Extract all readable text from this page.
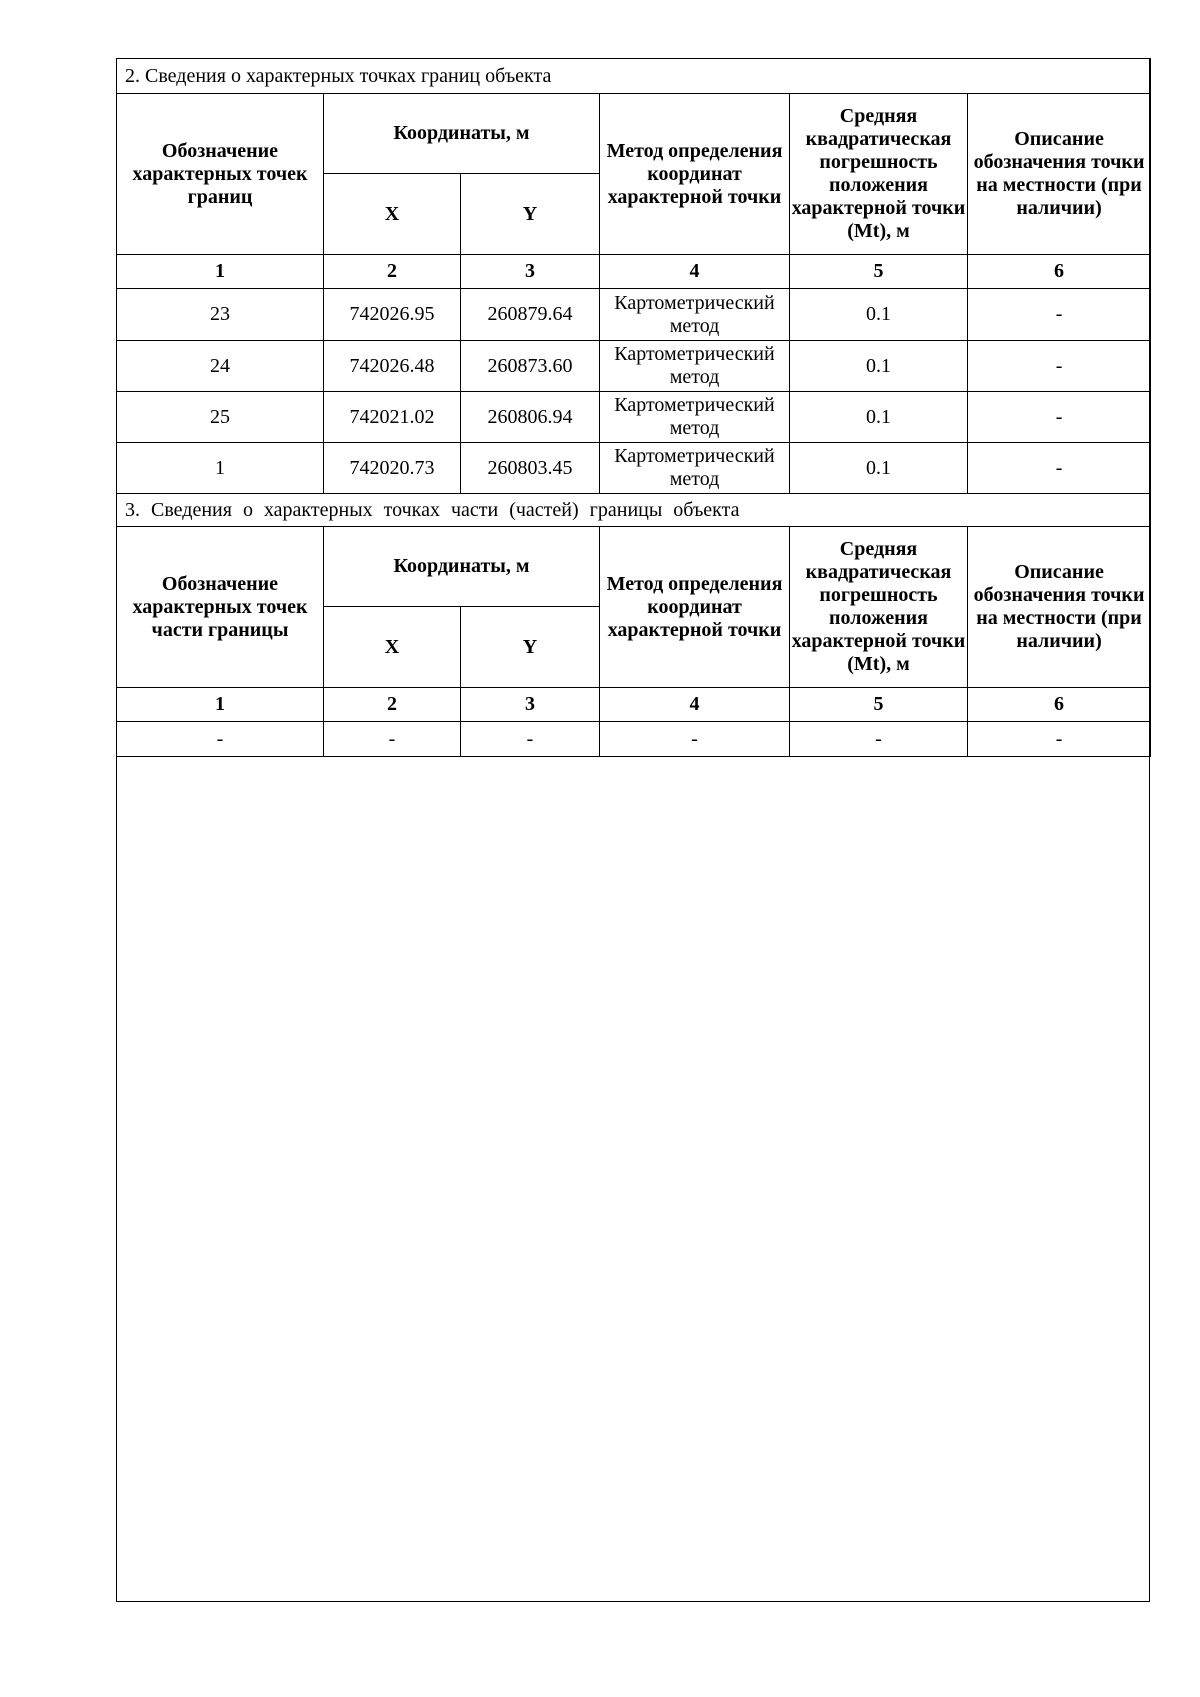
2. Сведения о характерных точках границ объекта					
Обозначение характерных точек границ	Координаты, м		Метод определения координат характерной точки	Средняя квадратическая погрешность положения характерной точки (Mt), м	Описание обозначения точки на местности (при наличии)
	X	Y			
1	2	3	4	5	6
23	742026.95	260879.64	Картометрический метод	0.1	-
24	742026.48	260873.60	Картометрический метод	0.1	-
25	742021.02	260806.94	Картометрический метод	0.1	-
1	742020.73	260803.45	Картометрический метод	0.1	-
3. Сведения о характерных точках части (частей) границы объекта					
Обозначение характерных точек части границы	Координаты, м		Метод определения координат характерной точки	Средняя квадратическая погрешность положения характерной точки (Mt), м	Описание обозначения точки на местности (при наличии)
	X	Y			
1	2	3	4	5	6
-	-	-	-	-	-
